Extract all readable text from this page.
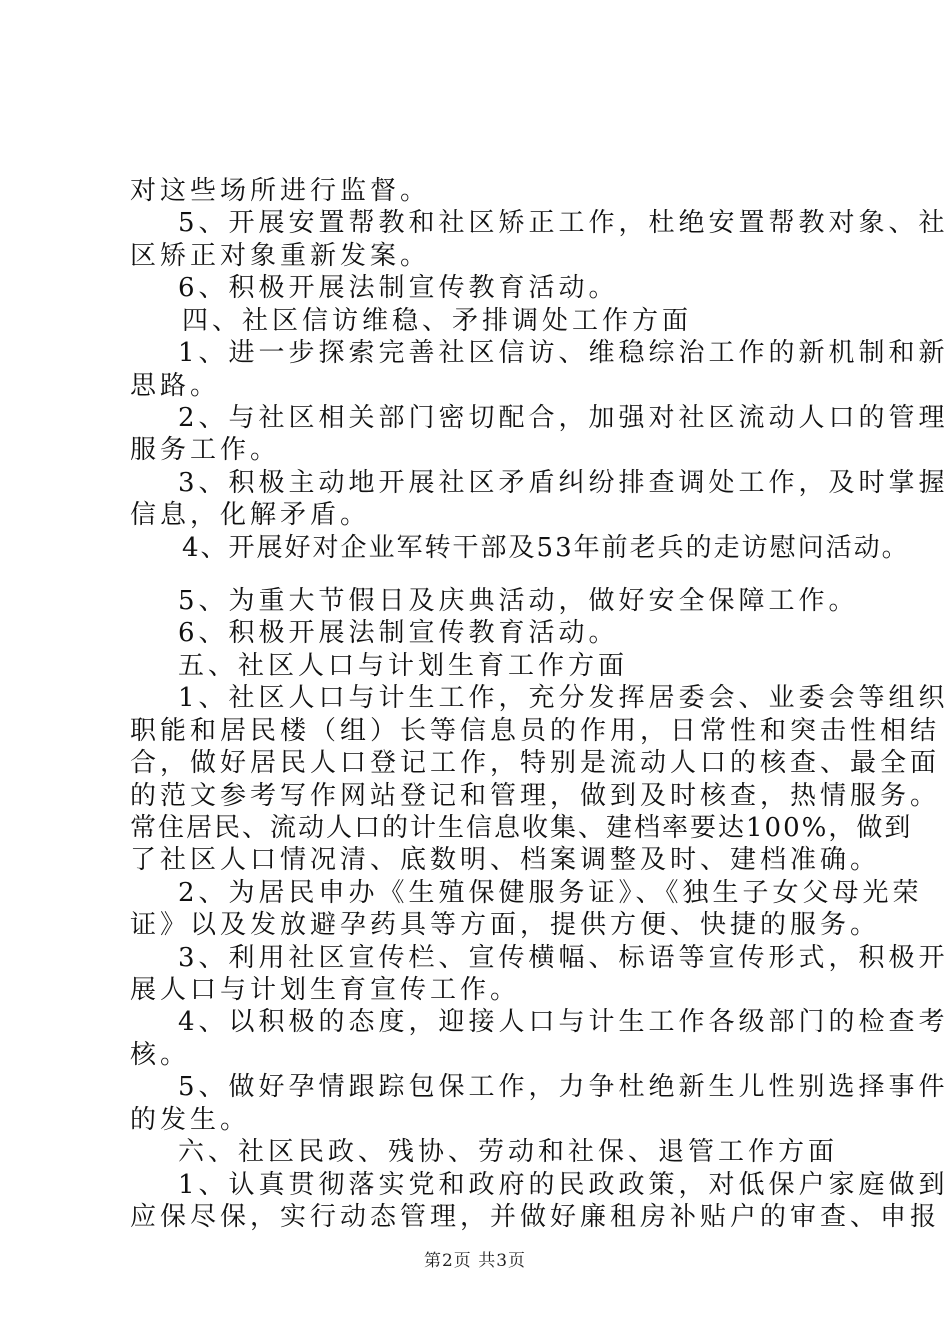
对这些场所进行监督。
5、开展安置帮教和社区矫正工作，杜绝安置帮教对象、社
区矫正对象重新发案。
6、积极开展法制宣传教育活动。
四、社区信访维稳、矛排调处工作方面
1、进一步探索完善社区信访、维稳综治工作的新机制和新
思路。
2、与社区相关部门密切配合，加强对社区流动人口的管理
服务工作。
3、积极主动地开展社区矛盾纠纷排查调处工作，及时掌握
信息，化解矛盾。
4、开展好对企业军转干部及53年前老兵的走访慰问活动。
5、为重大节假日及庆典活动，做好安全保障工作。
6、积极开展法制宣传教育活动。
五、社区人口与计划生育工作方面
1、社区人口与计生工作，充分发挥居委会、业委会等组织
职能和居民楼（组）长等信息员的作用，日常性和突击性相结
合，做好居民人口登记工作，特别是流动人口的核查、最全面
的范文参考写作网站登记和管理，做到及时核查，热情服务。
常住居民、流动人口的计生信息收集、建档率要达100%，做到
了社区人口情况清、底数明、档案调整及时、建档准确。
2、为居民申办《生殖保健服务证》、《独生子女父母光荣
证》以及发放避孕药具等方面，提供方便、快捷的服务。
3、利用社区宣传栏、宣传横幅、标语等宣传形式，积极开
展人口与计划生育宣传工作。
4、以积极的态度，迎接人口与计生工作各级部门的检查考
核。
5、做好孕情跟踪包保工作，力争杜绝新生儿性别选择事件
的发生。
六、社区民政、残协、劳动和社保、退管工作方面
1、认真贯彻落实党和政府的民政政策，对低保户家庭做到
应保尽保，实行动态管理，并做好廉租房补贴户的审查、申报
第2页 共3页
